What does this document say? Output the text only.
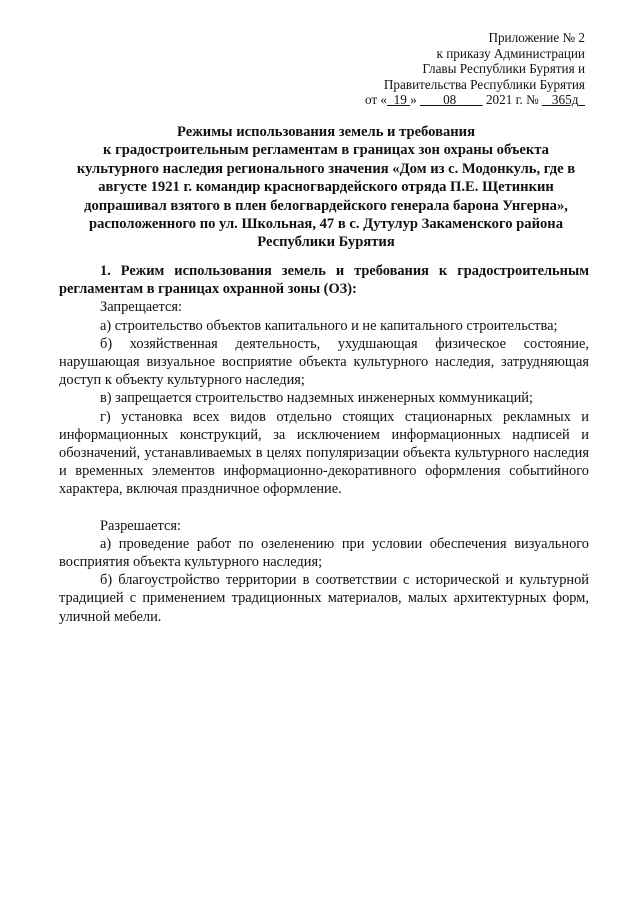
Приложение № 2
к приказу Администрации
Главы Республики Бурятия и
Правительства Республики Бурятия
от « 19 » 08 2021 г. № 365д
Режимы использования земель и требования
к градостроительным регламентам в границах зон охраны объекта
культурного наследия регионального значения «Дом из с. Модонкуль, где в
августе 1921 г. командир красногвардейского отряда П.Е. Щетинкин
допрашивал взятого в плен белогвардейского генерала барона Унгерна»,
расположенного по ул. Школьная, 47 в с. Дутулур Закаменского района
Республики Бурятия

1. Режим использования земель и требования к градостроительным регламентам в границах охранной зоны (ОЗ):

Запрещается:

а) строительство объектов капитального и не капитального строительства;

б) хозяйственная деятельность, ухудшающая физическое состояние, нарушающая визуальное восприятие объекта культурного наследия, затрудняющая доступ к объекту культурного наследия;

в) запрещается строительство надземных инженерных коммуникаций;

г) установка всех видов отдельно стоящих стационарных рекламных и информационных конструкций, за исключением информационных надписей и обозначений, устанавливаемых в целях популяризации объекта культурного наследия и временных элементов информационно-декоративного оформления событийного характера, включая праздничное оформление.

Разрешается:

а) проведение работ по озеленению при условии обеспечения визуального восприятия объекта культурного наследия;

б) благоустройство территории в соответствии с исторической и культурной традицией с применением традиционных материалов, малых архитектурных форм, уличной мебели.
